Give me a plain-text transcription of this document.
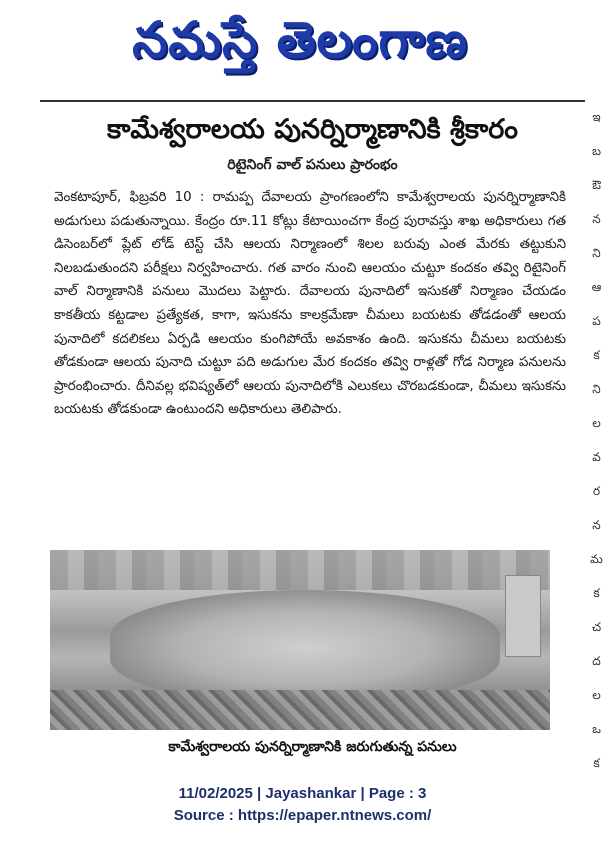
నమస్తే తెలంగాణ
కామేశ్వరాలయ పునర్నిర్మాణానికి శ్రీకారం
రిటైనింగ్ వాల్ పనులు ప్రారంభం
వెంకటాపూర్, ఫిబ్రవరి 10 : రామప్ప దేవాలయ ప్రాంగణంలోని కామేశ్వరాలయ పునర్నిర్మాణానికి అడుగులు పడుతున్నాయి. కేంద్రం రూ.11 కోట్లు కేటాయించగా కేంద్ర పురావస్తు శాఖ అధికారులు గత డిసెంబర్‌లో ప్లేట్ లోడ్ టెస్ట్ చేసి ఆలయ నిర్మాణంలో శిలల బరువు ఎంత మేరకు తట్టుకుని నిలబడుతుందని పరీక్షలు నిర్వహించారు. గత వారం నుంచి ఆలయం చుట్టూ కందకం తవ్వి రిటైనింగ్ వాల్ నిర్మాణానికి పనులు మొదలు పెట్టారు. దేవాలయ పునాదిలో ఇసుకతో నిర్మాణం చేయడం కాకతీయ కట్టడాల ప్రత్యేకత, కాగా, ఇసుకను కాలక్రమేణా చీమలు బయటకు తోడడంతో ఆలయ పునాదిలో కదలికలు ఏర్పడి ఆలయం కుంగిపోయే అవకాశం ఉంది. ఇసుకను చీమలు బయటకు తోడకుండా ఆలయ పునాది చుట్టూ పది అడుగుల మేర కందకం తవ్వి రాళ్లతో గోడ నిర్మాణ పనులను ప్రారంభించారు. దీనివల్ల భవిష్యత్‌లో ఆలయ పునాదిలోకి ఎలుకలు చొరబడకుండా, చీమలు ఇసుకను బయటకు తోడకుండా ఉంటుందని అధికారులు తెలిపారు.
కామేశ్వరాలయ పునర్నిర్మాణానికి జరుగుతున్న పనులు
ఇ
బ
ఔ
న
ని
ఆ
ప
క
ని
ల
వ
ర
న
మ
క
చ
ద
ల
ఒ
క
11/02/2025 | Jayashankar | Page : 3
Source : https://epaper.ntnews.com/
